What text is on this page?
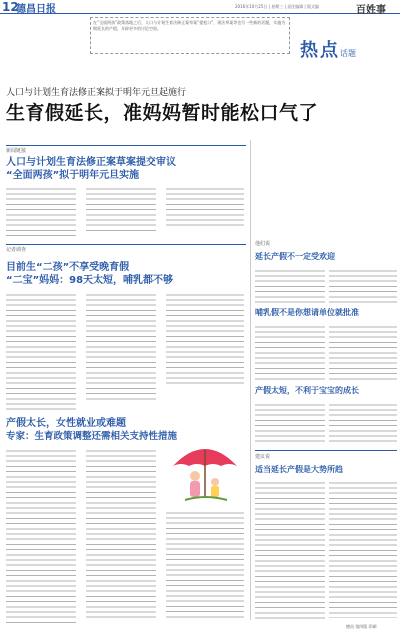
12
德昌日报	2016年10月25日 | 星期三 | 责任编辑 | 版式编	百姓事
在“全面两孩”政策落地之后，人口与计划生育法修正案草案“提松口”，刑法草案等也写一些新的话题，实施为期延长的产假，开辟更多的讨论空间。
热点 话题
人口与计划生育法修正案拟于明年元旦起施行
生育假延长，准妈妈暂时能松口气了
新闻链接
人口与计划生育法修正案草案提交审议
“全面两孩”拟于明年元旦实施
记者调查
目前生“二孩”不享受晚育假
“二宝”妈妈：98天太短，哺乳都不够
产假太长，女性就业或难题
专家：生育政策调整还需相关支持性措施
他们说
延长产假不一定受欢迎
哺乳假不是你想请单位就批准
产假太短，不利于宝宝的成长
建议说
适当延长产假是大势所趋
德昌 第四版 印刷
